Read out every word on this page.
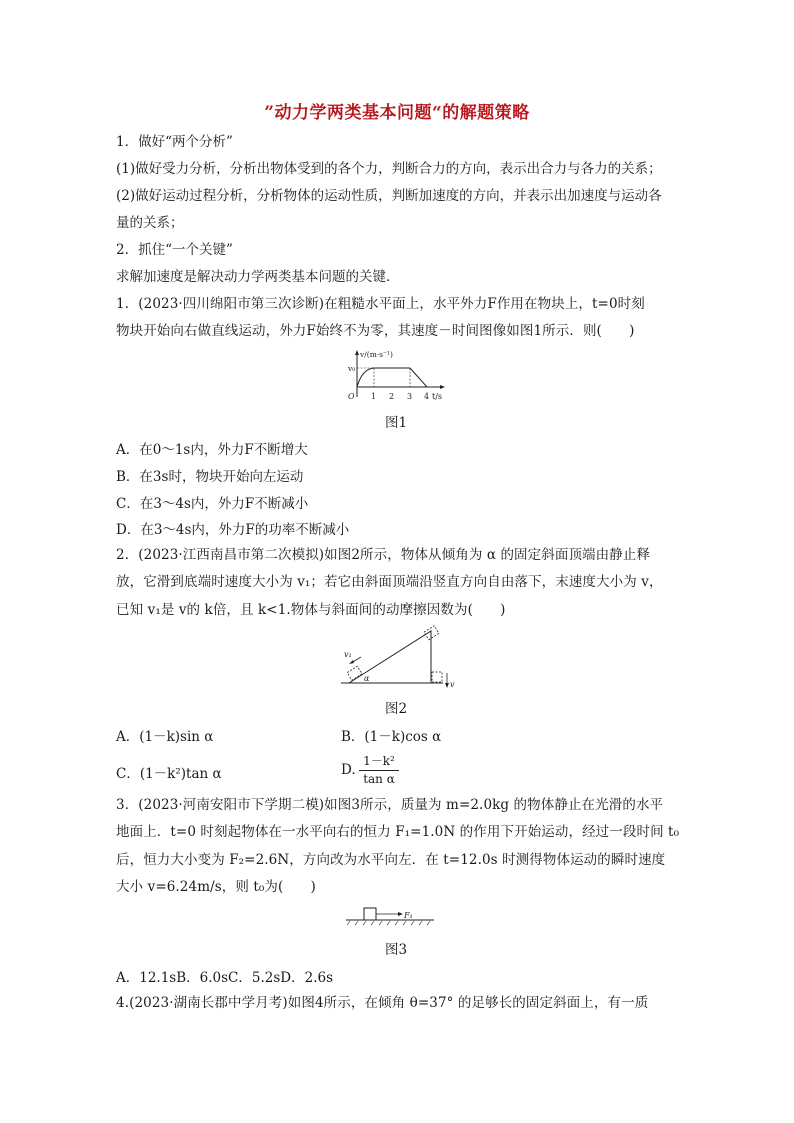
”动力学两类基本问题“的解题策略
1．做好“两个分析”
(1)做好受力分析，分析出物体受到的各个力，判断合力的方向，表示出合力与各力的关系；
(2)做好运动过程分析，分析物体的运动性质，判断加速度的方向，并表示出加速度与运动各
量的关系；
2．抓住“一个关键”
求解加速度是解决动力学两类基本问题的关键．
1．(2023·四川绵阳市第三次诊断)在粗糙水平面上，水平外力F作用在物块上，t=0时刻
物块开始向右做直线运动，外力F始终不为零，其速度－时间图像如图1所示．则(　　)
v/(m·s⁻¹)
v₀
O 1 2 3 4 t/s
图1
A．在0～1s内，外力F不断增大
B．在3s时，物块开始向左运动
C．在3～4s内，外力F不断减小
D．在3～4s内，外力F的功率不断减小
2．(2023·江西南昌市第二次模拟)如图2所示，物体从倾角为 α 的固定斜面顶端由静止释
放，它滑到底端时速度大小为 v₁；若它由斜面顶端沿竖直方向自由落下，末速度大小为 v，
已知 v₁是 v的 k倍，且 k<1.物体与斜面间的动摩擦因数为(　　)
v₁
α
v
图2
A．(1－k)sin α	B．(1－k)cos α
C．(1－k²)tan α	D. $\frac{\text{1－k²}}{\text{tan α}}$
3．(2023·河南安阳市下学期二模)如图3所示，质量为 m=2.0kg 的物体静止在光滑的水平
地面上．t=0 时刻起物体在一水平向右的恒力 F₁=1.0N 的作用下开始运动，经过一段时间 t₀
后，恒力大小变为 F₂=2.6N，方向改为水平向左．在 t=12.0s 时测得物体运动的瞬时速度
大小 v=6.24m/s，则 t₀为(　　)
F₁
图3
A．12.1sB．6.0sC．5.2sD．2.6s
4.(2023·湖南长郡中学月考)如图4所示，在倾角 θ=37° 的足够长的固定斜面上，有一质
